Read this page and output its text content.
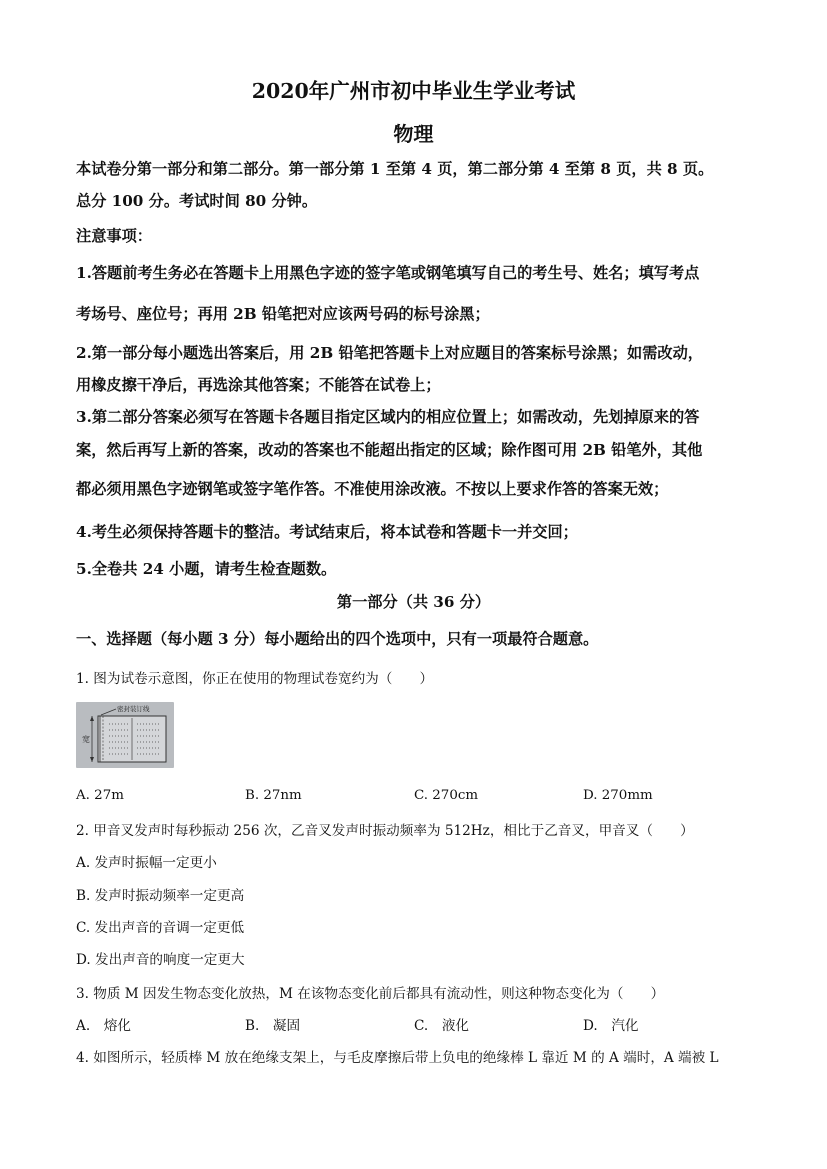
2020年广州市初中毕业生学业考试
物理
本试卷分第一部分和第二部分。第一部分第 1 至第 4 页，第二部分第 4 至第 8 页，共 8 页。
总分 100 分。考试时间 80 分钟。
注意事项：
1.答题前考生务必在答题卡上用黑色字迹的签字笔或钢笔填写自己的考生号、姓名；填写考点
考场号、座位号；再用 2B 铅笔把对应该两号码的标号涂黑；
2.第一部分每小题选出答案后，用 2B 铅笔把答题卡上对应题目的答案标号涂黑；如需改动，
用橡皮擦干净后，再选涂其他答案；不能答在试卷上；
3.第二部分答案必须写在答题卡各题目指定区域内的相应位置上；如需改动，先划掉原来的答
案，然后再写上新的答案，改动的答案也不能超出指定的区域；除作图可用 2B 铅笔外，其他
都必须用黑色字迹钢笔或签字笔作答。不准使用涂改液。不按以上要求作答的答案无效；
4.考生必须保持答题卡的整洁。考试结束后，将本试卷和答题卡一并交回；
5.全卷共 24 小题，请考生检查题数。
第一部分（共 36 分）
一、选择题（每小题 3 分）每小题给出的四个选项中，只有一项最符合题意。
1. 图为试卷示意图，你正在使用的物理试卷宽约为（　　）
宽
密封装订线
A. 27m	B. 27nm	C. 270cm	D. 270mm
2. 甲音叉发声时每秒振动 256 次，乙音叉发声时振动频率为 512Hz，相比于乙音叉，甲音叉（　　）
A. 发声时振幅一定更小
B. 发声时振动频率一定更高
C. 发出声音的音调一定更低
D. 发出声音的响度一定更大
3. 物质 M 因发生物态变化放热，M 在该物态变化前后都具有流动性，则这种物态变化为（　　）
A.　熔化	B.　凝固	C.　液化	D.　汽化
4. 如图所示，轻质棒 M 放在绝缘支架上，与毛皮摩擦后带上负电的绝缘棒 L 靠近 M 的 A 端时，A 端被 L
